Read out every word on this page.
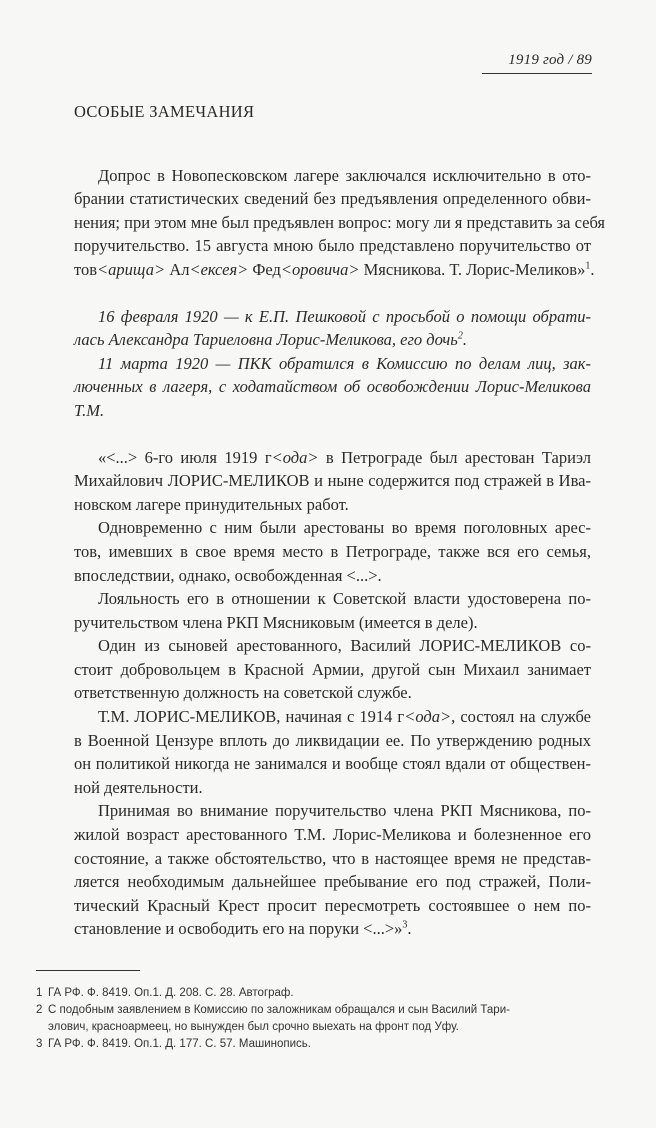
1919 год / 89
ОСОБЫЕ ЗАМЕЧАНИЯ
Допрос в Новопесковском лагере заключался исключительно в ото-
брании статистических сведений без предъявления определенного обви-
нения; при этом мне был предъявлен вопрос: могу ли я представить за себя
поручительство. 15 августа мною было представлено поручительство от
тов<арища> Ал<ексея> Фед<оровича> Мясникова. Т. Лорис-Меликов»$^1$.
16 февраля 1920 — к Е.П. Пешковой с просьбой о помощи обрати-
лась Александра Тариеловна Лорис-Меликова, его дочь$^2$.
11 марта 1920 — ПКК обратился в Комиссию по делам лиц, зак-
люченных в лагеря, с ходатайством об освобождении Лорис-Меликова
Т.М.
«<...> 6-го июля 1919 г<ода> в Петрограде был арестован Тариэл
Михайлович ЛОРИС-МЕЛИКОВ и ныне содержится под стражей в Ива-
новском лагере принудительных работ.
Одновременно с ним были арестованы во время поголовных арес-
тов, имевших в свое время место в Петрограде, также вся его семья,
впоследствии, однако, освобожденная <...>.
Лояльность его в отношении к Советской власти удостоверена по-
ручительством члена РКП Мясниковым (имеется в деле).
Один из сыновей арестованного, Василий ЛОРИС-МЕЛИКОВ со-
стоит добровольцем в Красной Армии, другой сын Михаил занимает
ответственную должность на советской службе.
Т.М. ЛОРИС-МЕЛИКОВ, начиная с 1914 г<ода>, состоял на службе
в Военной Цензуре вплоть до ликвидации ее. По утверждению родных
он политикой никогда не занимался и вообще стоял вдали от обществен-
ной деятельности.
Принимая во внимание поручительство члена РКП Мясникова, по-
жилой возраст арестованного Т.М. Лорис-Меликова и болезненное его
состояние, а также обстоятельство, что в настоящее время не представ-
ляется необходимым дальнейшее пребывание его под стражей, Поли-
тический Красный Крест просит пересмотреть состоявшее о нем по-
становление и освободить его на поруки <...>»$^3$.
1 ГА РФ. Ф. 8419. Оп.1. Д. 208. С. 28. Автограф.
2 С подобным заявлением в Комиссию по заложникам обращался и сын Василий Тари-
элович, красноармеец, но вынужден был срочно выехать на фронт под Уфу.
3 ГА РФ. Ф. 8419. Оп.1. Д. 177. С. 57. Машинопись.
